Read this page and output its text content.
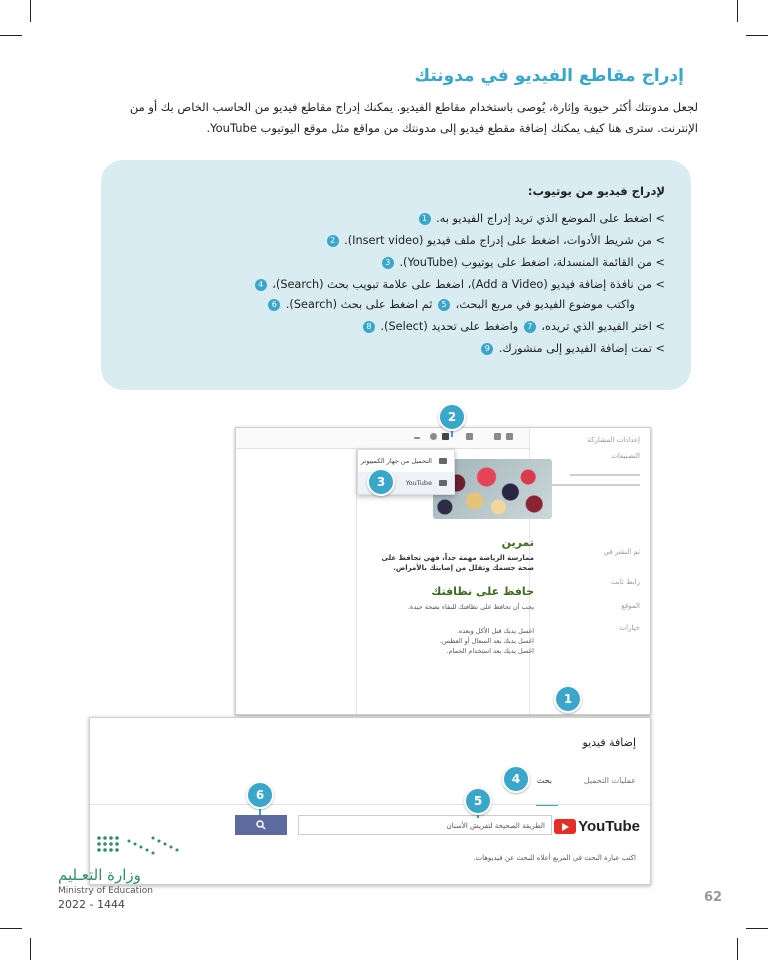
إدراج مقاطع الفيديو في مدونتك
لجعل مدونتك أكثر حيوية وإثارة، يُوصى باستخدام مقاطع الفيديو. يمكنك إدراج مقاطع فيديو من الحاسب الخاص بك أو من
الإنترنت. سترى هنا كيف يمكنك إضافة مقطع فيديو إلى مدونتك من مواقع مثل موقع اليوتيوب YouTube.
لإدراج فيديو من يوتيوب:
> اضغط على الموضع الذي تريد إدراج الفيديو به. 1
> من شريط الأدوات، اضغط على إدراج ملف فيديو (Insert video). 2
> من القائمة المنسدلة، اضغط على يوتيوب (YouTube). 3
> من نافذة إضافة فيديو (Add a Video)، اضغط على علامة تبويب بحث (Search)، 4
واكتب موضوع الفيديو في مربع البحث، 5 ثم اضغط على بحث (Search). 6
> اختر الفيديو الذي تريده، 7 واضغط على تحديد (Select). 8
> تمت إضافة الفيديو إلى منشورك. 9
إعدادات المشاركة
التصنيفات
تم النشر في
رابط ثابت
الموقع
خيارات
التحميل من جهاز الكمبيوتر
YouTube
تمرين

ممارسة الرياضة مهمة جداً، فهي تحافظ على صحة جسمك وتقلل من إصابتك بالأمراض.

حافظ على نظافتك

يجب أن تحافظ على نظافتك للبقاء بصحة جيدة.

اغسل يديك قبل الأكل وبعده.

اغسل يديك بعد السعال أو العطس.

اغسل يديك بعد استخدام الحمام.

2
3
1
إضافة فيديو
عمليات التحميل
بحث
YouTube
الطريقة الصحيحة لتفريش الأسنان
اكتب عبارة البحث في المربع أعلاه للبحث عن فيديوهات.
4
5
6
وزارة التعـليم
Ministry of Education
2022 - 1444	62
